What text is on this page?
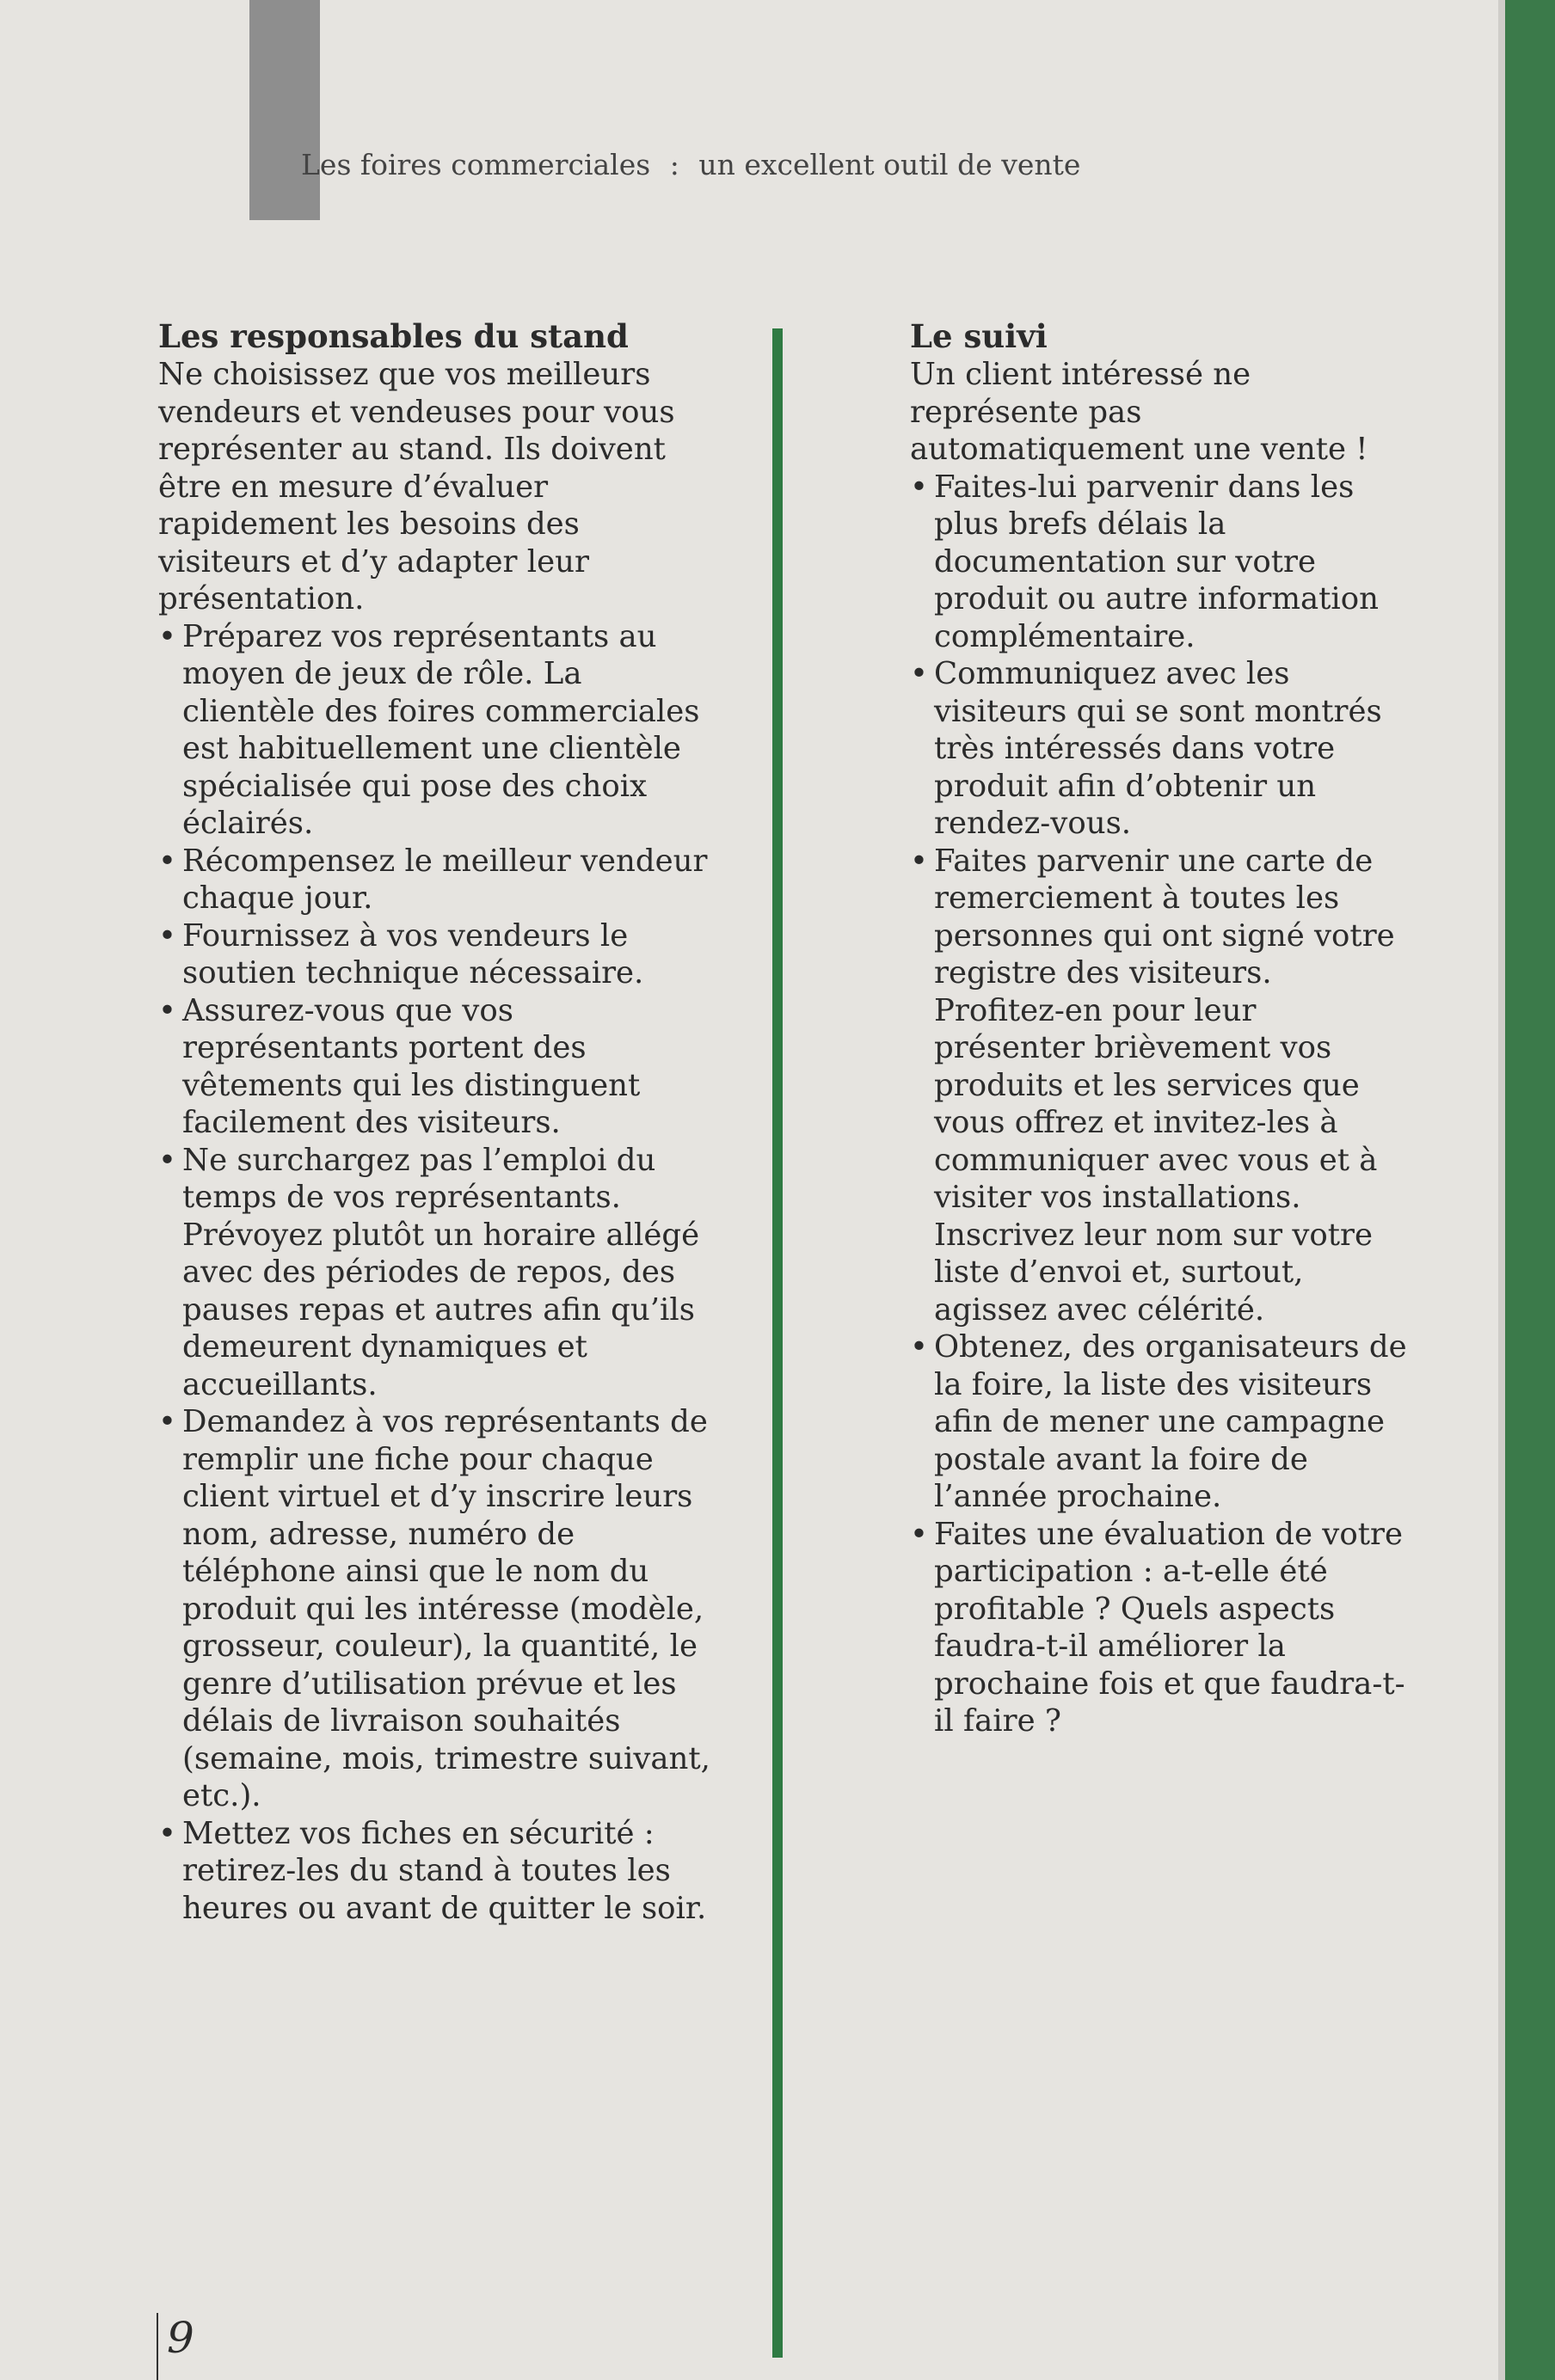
Les foires commerciales : un excellent outil de vente
Les responsables du stand

Ne choisissez que vos meilleurs vendeurs et vendeuses pour vous représenter au stand. Ils doivent être en mesure d’évaluer rapidement les besoins des visiteurs et d’y adapter leur présentation.

• Préparez vos représentants au moyen de jeux de rôle. La clientèle des foires commerciales est habituellement une clientèle spécialisée qui pose des choix éclairés.
• Récompensez le meilleur vendeur chaque jour.
• Fournissez à vos vendeurs le soutien technique nécessaire.
• Assurez-vous que vos représentants portent des vêtements qui les distinguent facilement des visiteurs.
• Ne surchargez pas l’emploi du temps de vos représentants. Prévoyez plutôt un horaire allégé avec des périodes de repos, des pauses repas et autres afin qu’ils demeurent dynamiques et accueillants.
• Demandez à vos représentants de remplir une fiche pour chaque client virtuel et d’y inscrire leurs nom, adresse, numéro de téléphone ainsi que le nom du produit qui les intéresse (modèle, grosseur, couleur), la quantité, le genre d’utilisation prévue et les délais de livraison souhaités (semaine, mois, trimestre suivant, etc.).
• Mettez vos fiches en sécurité : retirez-les du stand à toutes les heures ou avant de quitter le soir.
Le suivi

Un client intéressé ne représente pas automatiquement une vente !

• Faites-lui parvenir dans les plus brefs délais la documentation sur votre produit ou autre information complémentaire.
• Communiquez avec les visiteurs qui se sont montrés très intéressés dans votre produit afin d’obtenir un rendez-vous.
• Faites parvenir une carte de remerciement à toutes les personnes qui ont signé votre registre des visiteurs. Profitez-en pour leur présenter brièvement vos produits et les services que vous offrez et invitez-les à communiquer avec vous et à visiter vos installations. Inscrivez leur nom sur votre liste d’envoi et, surtout, agissez avec célérité.
• Obtenez, des organisateurs de la foire, la liste des visiteurs afin de mener une campagne postale avant la foire de l’année prochaine.
• Faites une évaluation de votre participation : a-t-elle été profitable ? Quels aspects faudra-t-il améliorer la prochaine fois et que faudra-t-il faire ?
9
